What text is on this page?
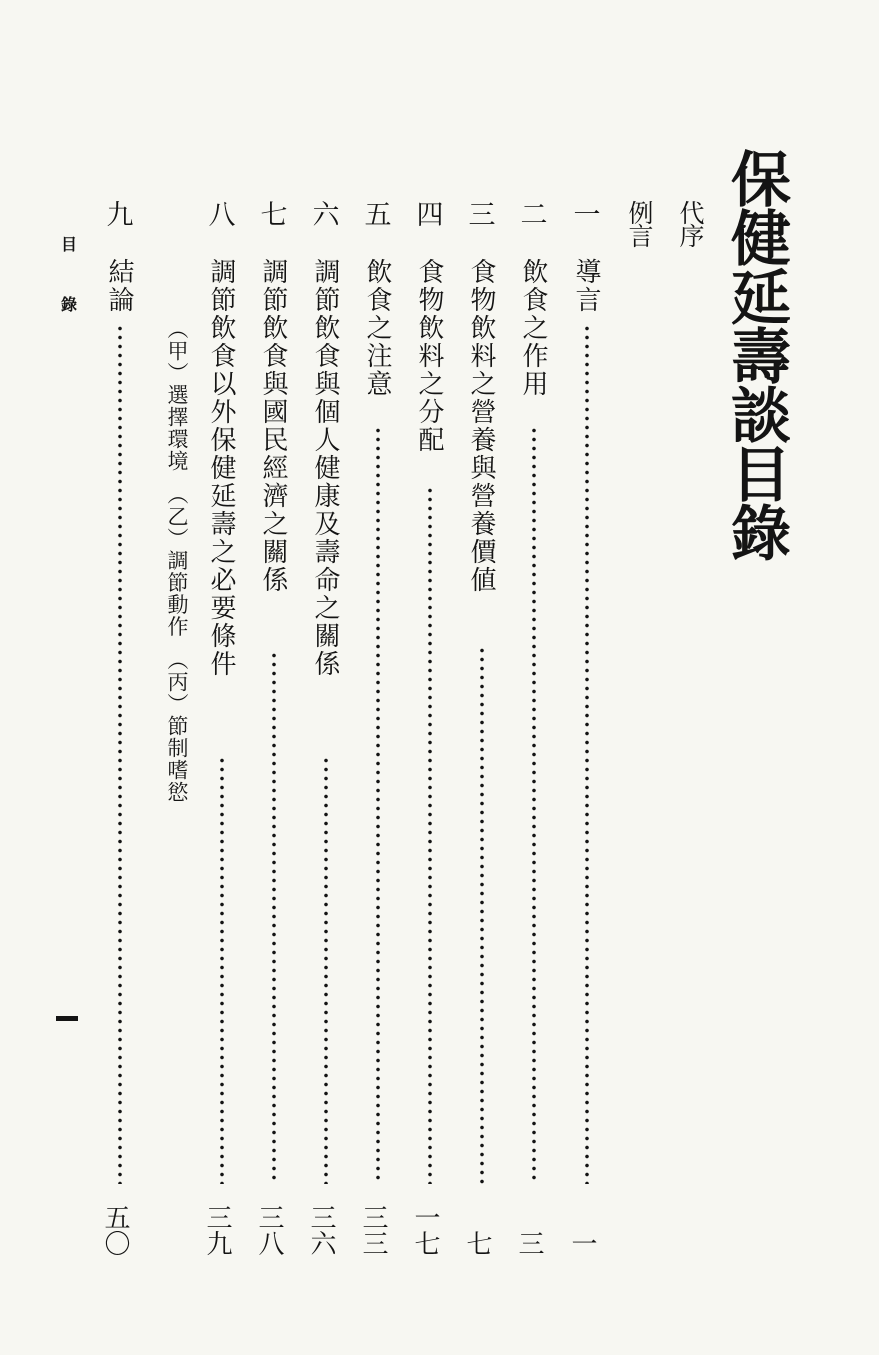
保健延壽談目錄
代序
例言
一
導言
一
二
飲食之作用
三
三
食物飲料之營養與營養價値
七
四
食物飲料之分配
一七
五
飲食之注意
三三
六
調節飲食與個人健康及壽命之關係
三六
七
調節飲食與國民經濟之關係
三八
八
調節飲食以外保健延壽之必要條件
三九
（甲）選擇環境　（乙）調節動作　（丙）節制嗜慾
九
結論
五〇
目
錄
